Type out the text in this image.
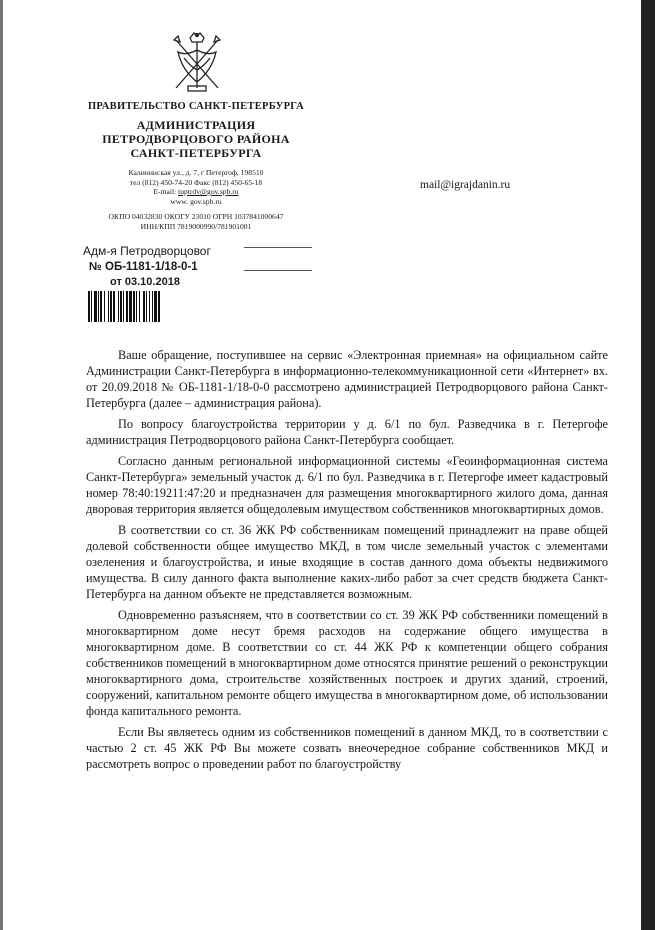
ПРАВИТЕЛЬСТВО САНКТ-ПЕТЕРБУРГА
АДМИНИСТРАЦИЯ
ПЕТРОДВОРЦОВОГО РАЙОНА
САНКТ-ПЕТЕРБУРГА
Калининская ул., д. 7, г Петергоф, 198510
тел (812) 450-74-20 Факс (812) 450-65-18
E-mail: tuptrdv@gov.spb.ru
www. gov.spb.ru
ОКПО 04032830 ОКОГУ 23010 ОГРН 1037841000647
ИНН/КПП 7819000990/781901001
mail@igrajdanin.ru
Адм-я Петродворцовог
№ ОБ-1181-1/18-0-1
от 03.10.2018

Ваше обращение, поступившее на сервис «Электронная приемная» на официальном сайте Администрации Санкт-Петербурга в информационно-телекоммуникационной сети «Интернет» вх. от 20.09.2018 № ОБ-1181-1/18-0-0 рассмотрено администрацией Петродворцового района Санкт-Петербурга (далее – администрация района).

По вопросу благоустройства территории у д. 6/1 по бул. Разведчика в г. Петергофе администрация Петродворцового района Санкт-Петербурга сообщает.

Согласно данным региональной информационной системы «Геоинформационная система Санкт-Петербурга» земельный участок д. 6/1 по бул. Разведчика в г. Петергофе имеет кадастровый номер 78:40:19211:47:20 и предназначен для размещения многоквартирного жилого дома, данная дворовая территория является общедолевым имуществом собственников многоквартирных домов.

В соответствии со ст. 36 ЖК РФ собственникам помещений принадлежит на праве общей долевой собственности общее имущество МКД, в том числе земельный участок с элементами озеленения и благоустройства, и иные входящие в состав данного дома объекты недвижимого имущества. В силу данного факта выполнение каких-либо работ за счет средств бюджета Санкт-Петербурга на данном объекте не представляется возможным.

Одновременно разъясняем, что в соответствии со ст. 39 ЖК РФ собственники помещений в многоквартирном доме несут бремя расходов на содержание общего имущества в многоквартирном доме. В соответствии со ст. 44 ЖК РФ к компетенции общего собрания собственников помещений в многоквартирном доме относятся принятие решений о реконструкции многоквартирного дома, строительстве хозяйственных построек и других зданий, строений, сооружений, капитальном ремонте общего имущества в многоквартирном доме, об использовании фонда капитального ремонта.

Если Вы являетесь одним из собственников помещений в данном МКД, то в соответствии с частью 2 ст. 45 ЖК РФ Вы можете созвать внеочередное собрание собственников МКД и рассмотреть вопрос о проведении работ по благоустройству
